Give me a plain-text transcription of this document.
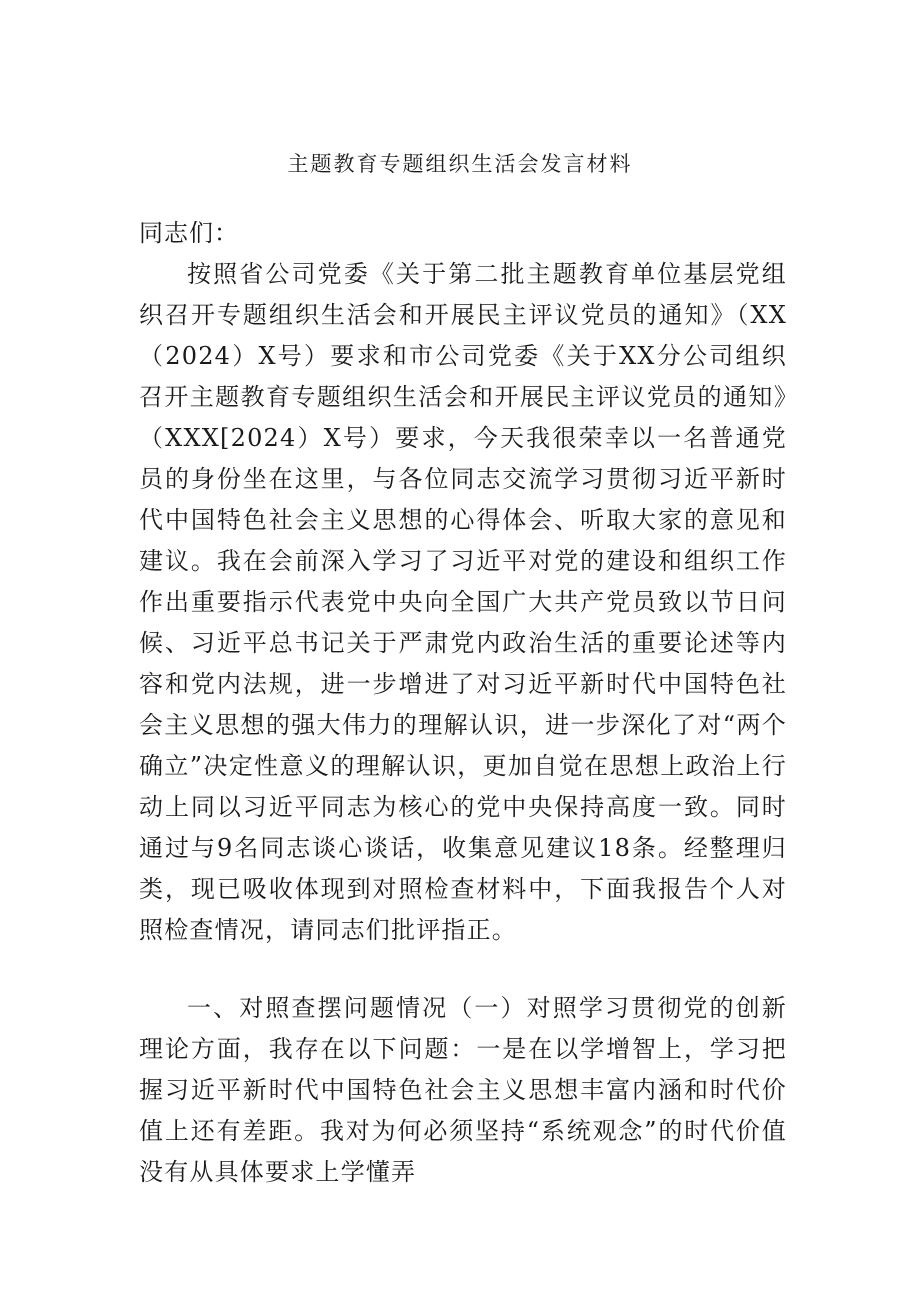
主题教育专题组织生活会发言材料

同志们：

按照省公司党委《关于第二批主题教育单位基层党组织召开专题组织生活会和开展民主评议党员的通知》（XX（2024）X号）要求和市公司党委《关于XX分公司组织召开主题教育专题组织生活会和开展民主评议党员的通知》（XXX[2024）X号）要求，今天我很荣幸以一名普通党员的身份坐在这里，与各位同志交流学习贯彻习近平新时代中国特色社会主义思想的心得体会、听取大家的意见和建议。我在会前深入学习了习近平对党的建设和组织工作作出重要指示代表党中央向全国广大共产党员致以节日问候、习近平总书记关于严肃党内政治生活的重要论述等内容和党内法规，进一步增进了对习近平新时代中国特色社会主义思想的强大伟力的理解认识，进一步深化了对“两个确立”决定性意义的理解认识，更加自觉在思想上政治上行动上同以习近平同志为核心的党中央保持高度一致。同时通过与9名同志谈心谈话，收集意见建议18条。经整理归类，现已吸收体现到对照检查材料中，下面我报告个人对照检查情况，请同志们批评指正。

一、对照查摆问题情况（一）对照学习贯彻党的创新理论方面，我存在以下问题：一是在以学增智上，学习把握习近平新时代中国特色社会主义思想丰富内涵和时代价值上还有差距。我对为何必须坚持“系统观念”的时代价值没有从具体要求上学懂弄
